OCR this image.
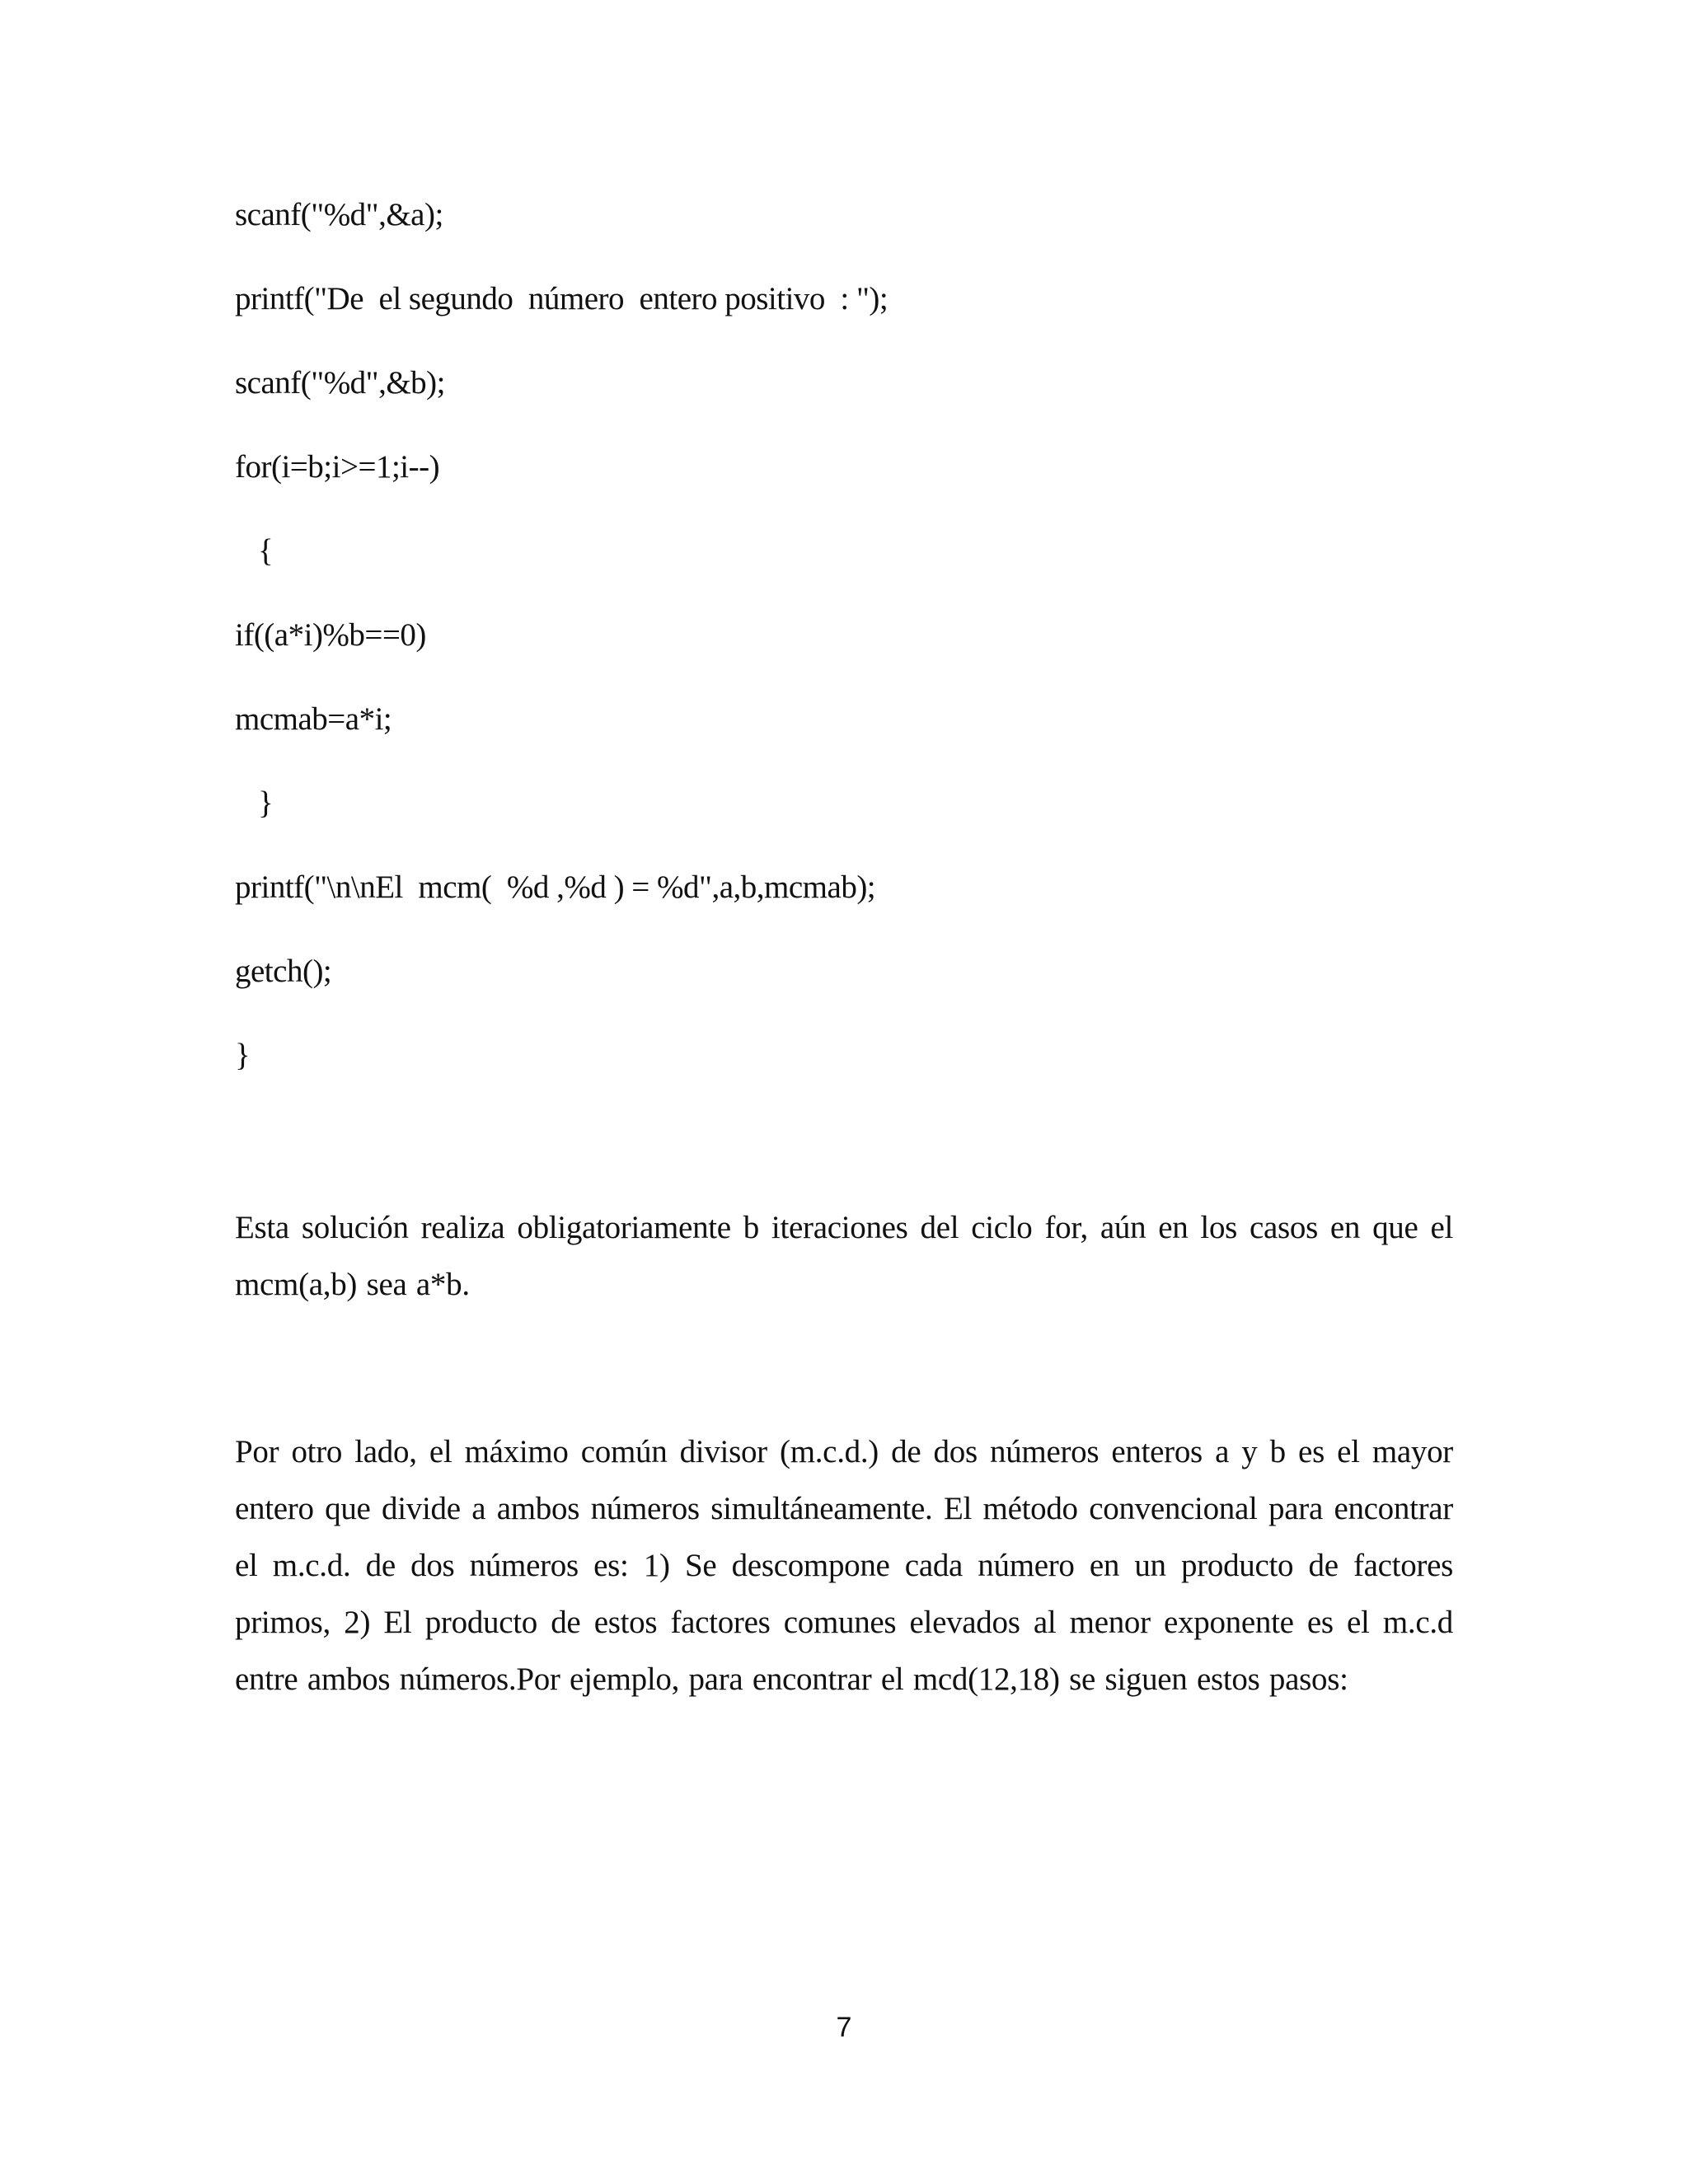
scanf("%d",&a);
printf("De  el segundo  número  entero positivo  : ");
scanf("%d",&b);
for(i=b;i>=1;i--)
{
if((a*i)%b==0)
mcmab=a*i;
}
printf("\n\nEl  mcm(  %d ,%d ) = %d",a,b,mcmab);
getch();
}
Esta solución realiza obligatoriamente b iteraciones del ciclo for, aún en los casos en que el mcm(a,b) sea a*b.
Por otro lado, el máximo común divisor (m.c.d.) de dos números enteros a y b es el mayor entero que divide a ambos números simultáneamente. El método convencional para encontrar el m.c.d. de dos números es: 1) Se descompone cada número en un producto de factores primos, 2) El producto de estos factores comunes elevados al menor exponente es el m.c.d entre ambos números.Por ejemplo, para encontrar el mcd(12,18) se siguen estos pasos:
7
